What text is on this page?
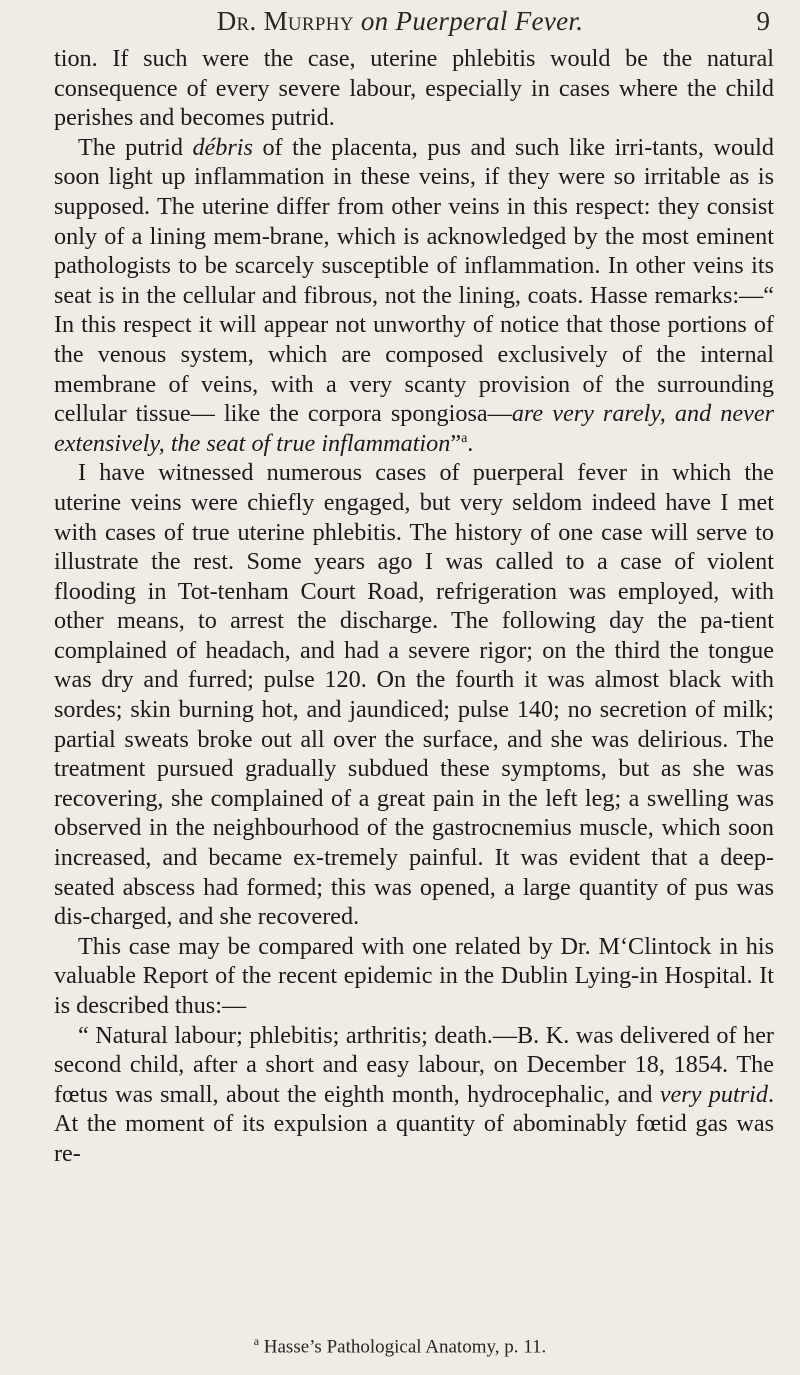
Dr. Murphy on Puerperal Fever.	9

tion. If such were the case, uterine phlebitis would be the natural consequence of every severe labour, especially in cases where the child perishes and becomes putrid.

The putrid débris of the placenta, pus and such like irri-tants, would soon light up inflammation in these veins, if they were so irritable as is supposed. The uterine differ from other veins in this respect: they consist only of a lining mem-brane, which is acknowledged by the most eminent pathologists to be scarcely susceptible of inflammation. In other veins its seat is in the cellular and fibrous, not the lining, coats. Hasse remarks:—“ In this respect it will appear not unworthy of notice that those portions of the venous system, which are composed exclusively of the internal membrane of veins, with a very scanty provision of the surrounding cellular tissue— like the corpora spongiosa—are very rarely, and never extensively, the seat of true inflammation”$^a$.

I have witnessed numerous cases of puerperal fever in which the uterine veins were chiefly engaged, but very seldom indeed have I met with cases of true uterine phlebitis. The history of one case will serve to illustrate the rest. Some years ago I was called to a case of violent flooding in Tot-tenham Court Road, refrigeration was employed, with other means, to arrest the discharge. The following day the pa-tient complained of headach, and had a severe rigor; on the third the tongue was dry and furred; pulse 120. On the fourth it was almost black with sordes; skin burning hot, and jaundiced; pulse 140; no secretion of milk; partial sweats broke out all over the surface, and she was delirious. The treatment pursued gradually subdued these symptoms, but as she was recovering, she complained of a great pain in the left leg; a swelling was observed in the neighbourhood of the gastrocnemius muscle, which soon increased, and became ex-tremely painful. It was evident that a deep-seated abscess had formed; this was opened, a large quantity of pus was dis-charged, and she recovered.

This case may be compared with one related by Dr. M‘Clintock in his valuable Report of the recent epidemic in the Dublin Lying-in Hospital. It is described thus:—

“ Natural labour; phlebitis; arthritis; death.—B. K. was delivered of her second child, after a short and easy labour, on December 18, 1854. The fœtus was small, about the eighth month, hydrocephalic, and very putrid. At the moment of its expulsion a quantity of abominably fœtid gas was re-

$^a$ Hasse’s Pathological Anatomy, p. 11.
